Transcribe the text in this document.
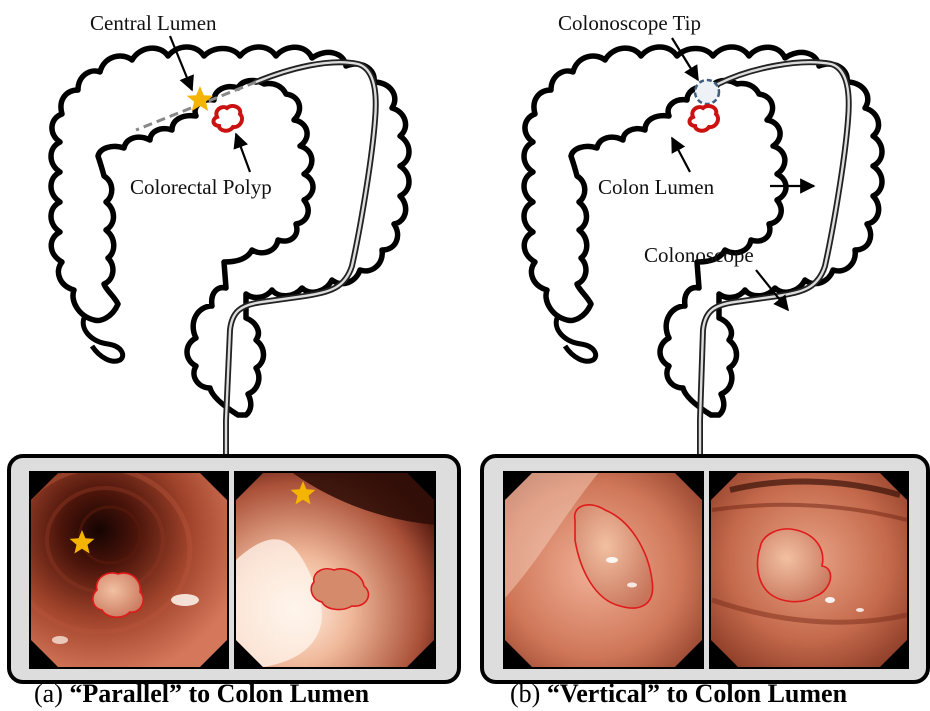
Central Lumen
Colorectal Polyp
Colonoscope Tip
Colon Lumen
Colonoscope
(a) “Parallel” to Colon Lumen	(b) “Vertical” to Colon Lumen
